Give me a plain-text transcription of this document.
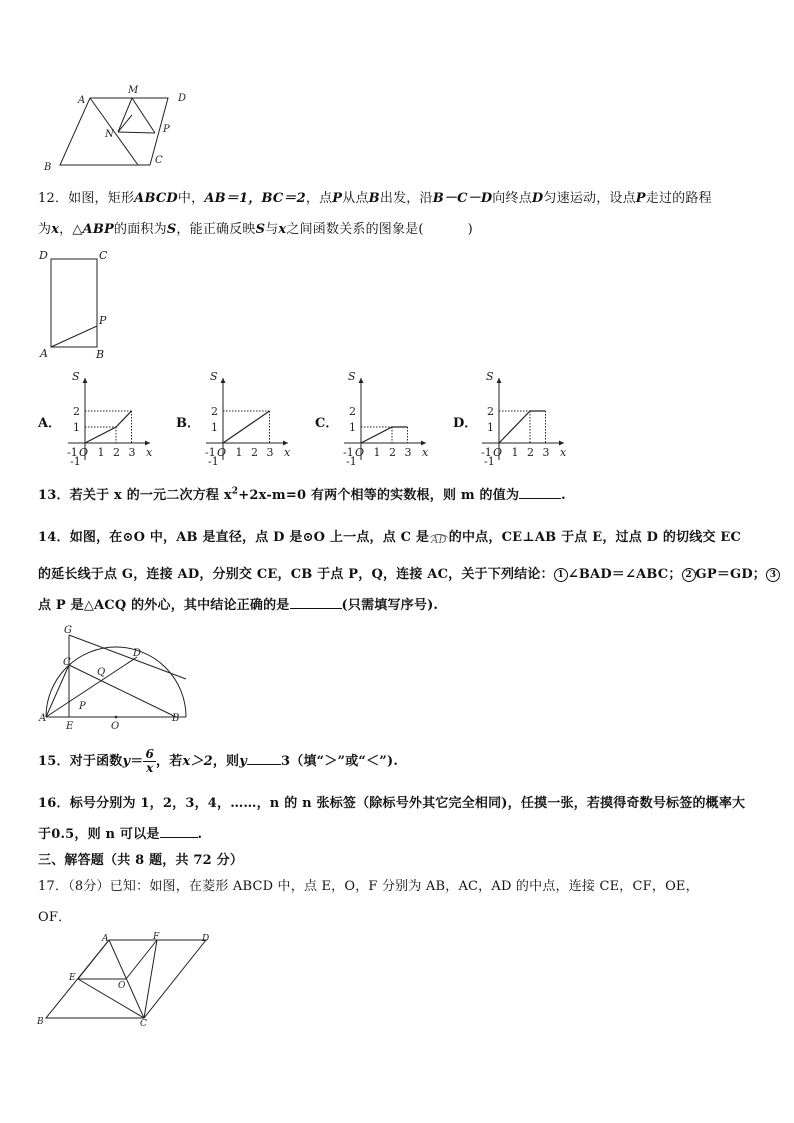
A
M
D
N	P
B
C
12．如图，矩形ABCD中，AB＝1，BC＝2，点P从点B出发，沿B－C－D向终点D匀速运动，设点P走过的路程
为x，△ABP的面积为S，能正确反映S与x之间函数关系的图象是(	)
D	C
P
A	B
A．	B．	C．	D．
S
x
2
1
-1
-1 O 1 2 3
S
x
2
1
-1
-1 O 1 2 3
S
x
2
1
-1
-1 O 1 2 3
S
x
2
1
-1
-1 O 1 2 3
13．若关于 x 的一元二次方程 $x^2+2x-m=0$ 有两个相等的实数根，则 m 的值为	.
14．如图，在⊙O 中，AB 是直径，点 D 是⊙O 上一点，点 C 是 AD 的中点，CE⊥AB 于点 E，过点 D 的切线交 EC
的延长线于点 G，连接 AD，分别交 CE，CB 于点 P，Q，连接 AC，关于下列结论： 1 ∠BAD＝∠ABC； 2 GP＝GD； 3
点 P 是△ACQ 的外心，其中结论正确的是	(只需填写序号).
G
D
C
Q
P
A
E	O
B
15．对于函数$y= \frac{6}{x}$ ，若x＞2，则y	3（填“＞”或“＜”).
16．标号分别为 1，2，3，4，……，n 的 n 张标签（除标号外其它完全相同)，任摸一张，若摸得奇数号标签的概率大
于0.5，则 n 可以是	.
三、解答题（共 8 题，共 72 分）
17．（8分）已知：如图，在菱形 ABCD 中，点 E，O，F 分别为 AB，AC，AD 的中点，连接 CE，CF，OE，
OF．
A	F	D
E
O
B	C
